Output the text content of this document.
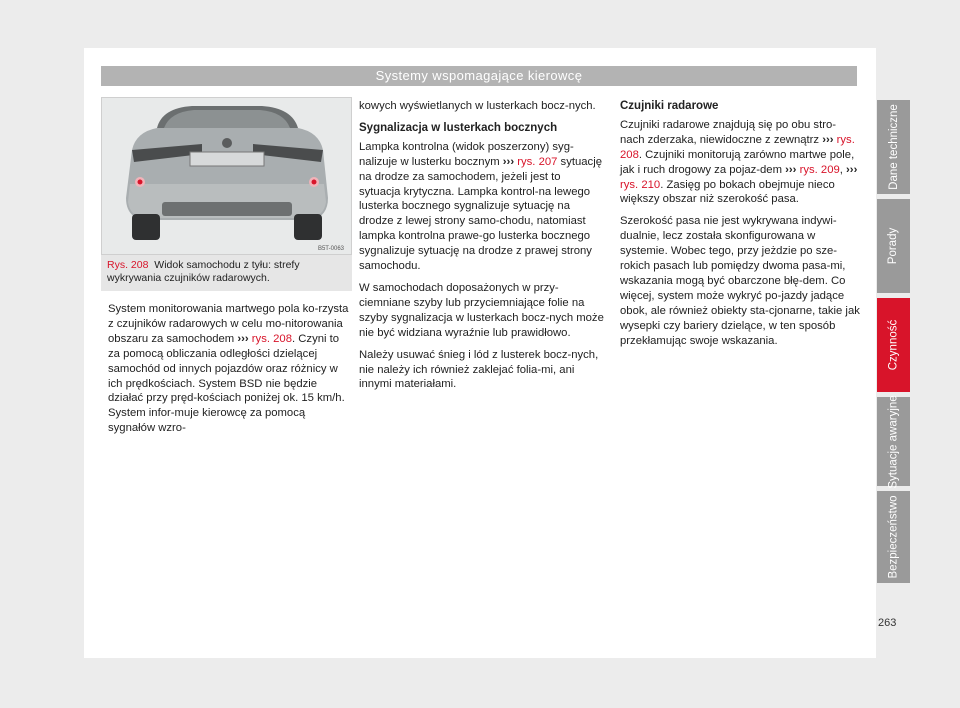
Systemy wspomagające kierowcę
B5T-0063
Rys. 208 Widok samochodu z tyłu: strefy wykrywania czujników radarowych.

System monitorowania martwego pola ko-rzysta z czujników radarowych w celu mo-nitorowania obszaru za samochodem ››› rys. 208. Czyni to za pomocą obliczania odległości dzielącej samochód od innych pojazdów oraz różnicy w ich prędkościach. System BSD nie będzie działać przy pręd-kościach poniżej ok. 15 km/h. System infor-muje kierowcę za pomocą sygnałów wzro-

kowych wyświetlanych w lusterkach bocz-nych.

Sygnalizacja w lusterkach bocznych

Lampka kontrolna (widok poszerzony) syg-nalizuje w lusterku bocznym ››› rys. 207 sytuację na drodze za samochodem, jeżeli jest to sytuacja krytyczna. Lampka kontrol-na lewego lusterka bocznego sygnalizuje sytuację na drodze z lewej strony samo-chodu, natomiast lampka kontrolna prawe-go lusterka bocznego sygnalizuje sytuację na drodze z prawej strony samochodu.

W samochodach doposażonych w przy-ciemniane szyby lub przyciemniające folie na szyby sygnalizacja w lusterkach bocz-nych może nie być widziana wyraźnie lub prawidłowo.

Należy usuwać śnieg i lód z lusterek bocz-nych, nie należy ich również zaklejać folia-mi, ani innymi materiałami.

Czujniki radarowe

Czujniki radarowe znajdują się po obu stro-nach zderzaka, niewidoczne z zewnątrz ››› rys. 208. Czujniki monitorują zarówno martwe pole, jak i ruch drogowy za pojaz-dem ››› rys. 209, ››› rys. 210. Zasięg po bokach obejmuje nieco większy obszar niż szerokość pasa.

Szerokość pasa nie jest wykrywana indywi-dualnie, lecz została skonfigurowana w systemie. Wobec tego, przy jeżdzie po sze-rokich pasach lub pomiędzy dwoma pasa-mi, wskazania mogą być obarczone błę-dem. Co więcej, system może wykryć po-jazdy jadące obok, ale również obiekty sta-cjonarne, takie jak wysepki czy bariery dzielące, w ten sposób przekłamując swoje wskazania.

Dane techniczne
Porady
Czynność
Sytuacje awaryjne
Bezpieczeństwo
263
